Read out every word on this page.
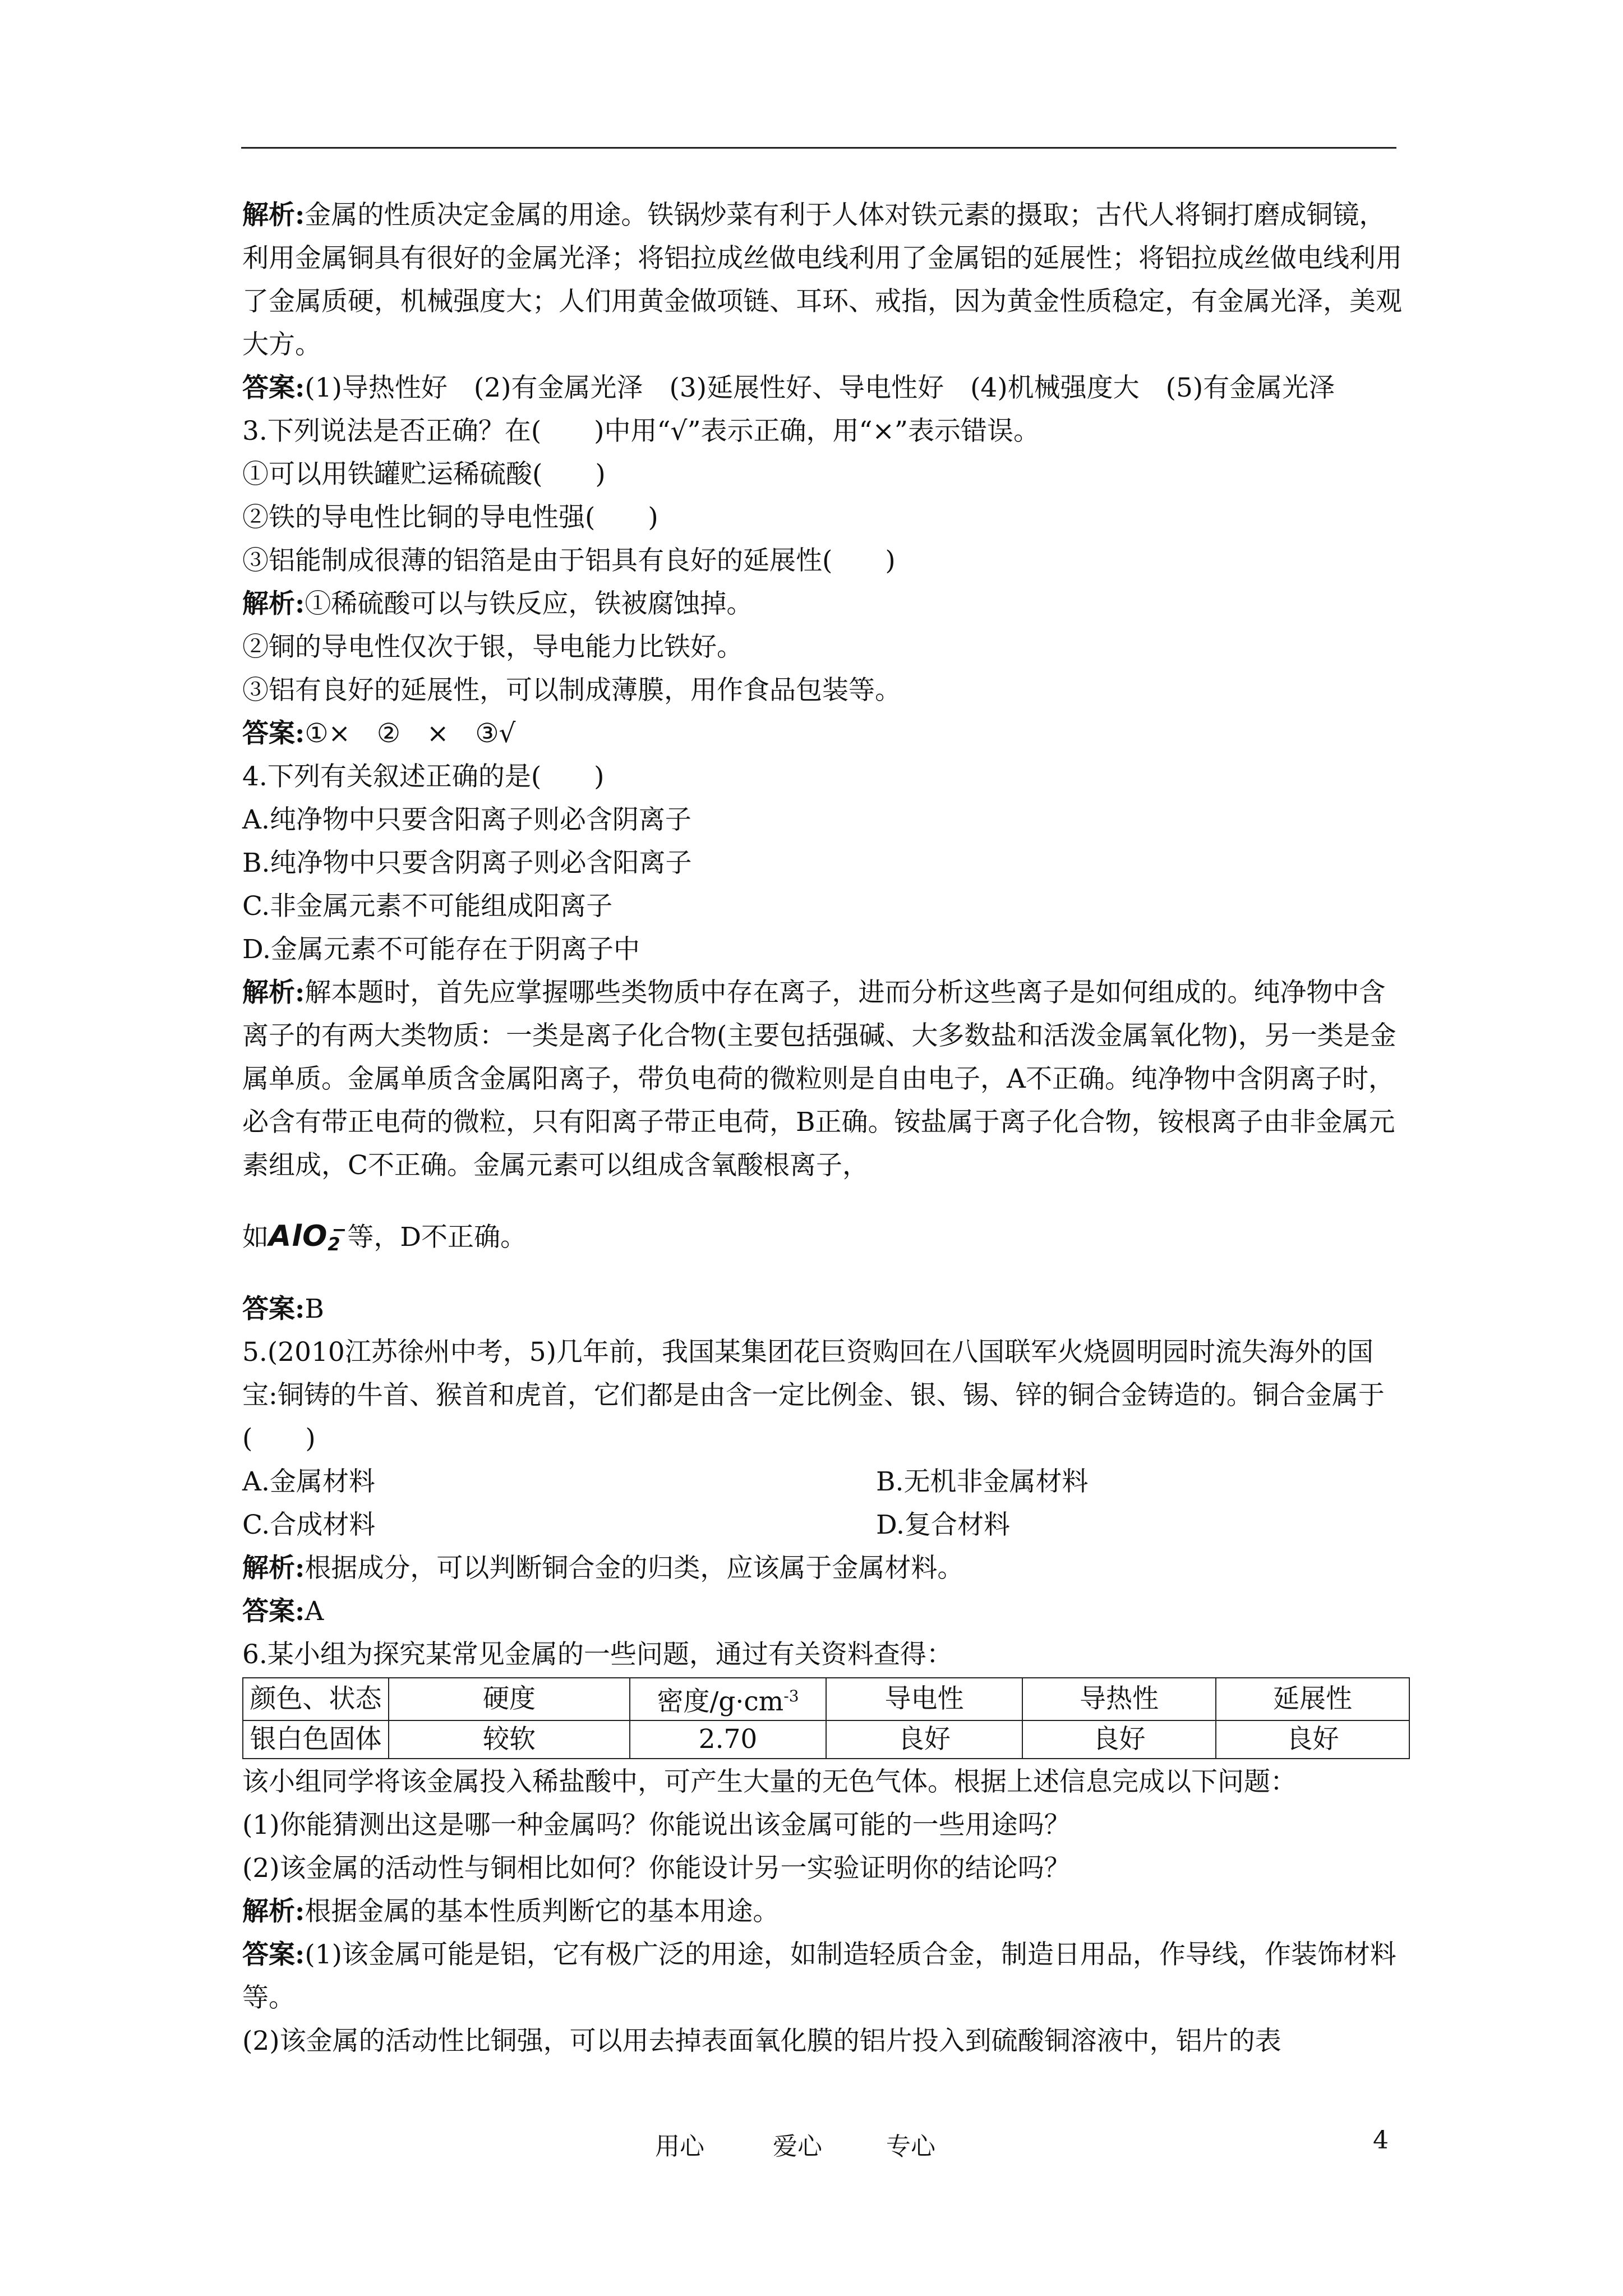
解析:金属的性质决定金属的用途。铁锅炒菜有利于人体对铁元素的摄取；古代人将铜打磨成铜镜，利用金属铜具有很好的金属光泽；将铝拉成丝做电线利用了金属铝的延展性；将铝拉成丝做电线利用了金属质硬，机械强度大；人们用黄金做项链、耳环、戒指，因为黄金性质稳定，有金属光泽，美观大方。

答案:(1)导热性好　(2)有金属光泽　(3)延展性好、导电性好　(4)机械强度大　(5)有金属光泽

3.下列说法是否正确？在(　　)中用“√”表示正确，用“×”表示错误。

①可以用铁罐贮运稀硫酸(　　)

②铁的导电性比铜的导电性强(　　)

③铝能制成很薄的铝箔是由于铝具有良好的延展性(　　)

解析:①稀硫酸可以与铁反应，铁被腐蚀掉。

②铜的导电性仅次于银，导电能力比铁好。

③铝有良好的延展性，可以制成薄膜，用作食品包装等。

答案:①×　②　×　③√

4.下列有关叙述正确的是(　　)

A.纯净物中只要含阳离子则必含阴离子

B.纯净物中只要含阴离子则必含阳离子

C.非金属元素不可能组成阳离子

D.金属元素不可能存在于阴离子中

解析:解本题时，首先应掌握哪些类物质中存在离子，进而分析这些离子是如何组成的。纯净物中含离子的有两大类物质：一类是离子化合物(主要包括强碱、大多数盐和活泼金属氧化物)，另一类是金属单质。金属单质含金属阳离子，带负电荷的微粒则是自由电子，A不正确。纯净物中含阴离子时，必含有带正电荷的微粒，只有阳离子带正电荷，B正确。铵盐属于离子化合物，铵根离子由非金属元素组成，C不正确。金属元素可以组成含氧酸根离子，

如AlO$_2$−等，D不正确。

答案:B

5.(2010江苏徐州中考，5)几年前，我国某集团花巨资购回在八国联军火烧圆明园时流失海外的国宝:铜铸的牛首、猴首和虎首，它们都是由含一定比例金、银、锡、锌的铜合金铸造的。铜合金属于(　　)

A.金属材料	B.无机非金属材料

C.合成材料	D.复合材料

解析:根据成分，可以判断铜合金的归类，应该属于金属材料。

答案:A

6.某小组为探究某常见金属的一些问题，通过有关资料查得：

颜色、状态	硬度	密度$/g\cdot cm^{-3}$	导电性	导热性	延展性
银白色固体	较软	2.70	良好	良好	良好

该小组同学将该金属投入稀盐酸中，可产生大量的无色气体。根据上述信息完成以下问题：

(1)你能猜测出这是哪一种金属吗？你能说出该金属可能的一些用途吗？

(2)该金属的活动性与铜相比如何？你能设计另一实验证明你的结论吗？

解析:根据金属的基本性质判断它的基本用途。

答案:(1)该金属可能是铝，它有极广泛的用途，如制造轻质合金，制造日用品，作导线，作装饰材料等。

(2)该金属的活动性比铜强，可以用去掉表面氧化膜的铝片投入到硫酸铜溶液中，铝片的表

用心	爱心	专心	4
